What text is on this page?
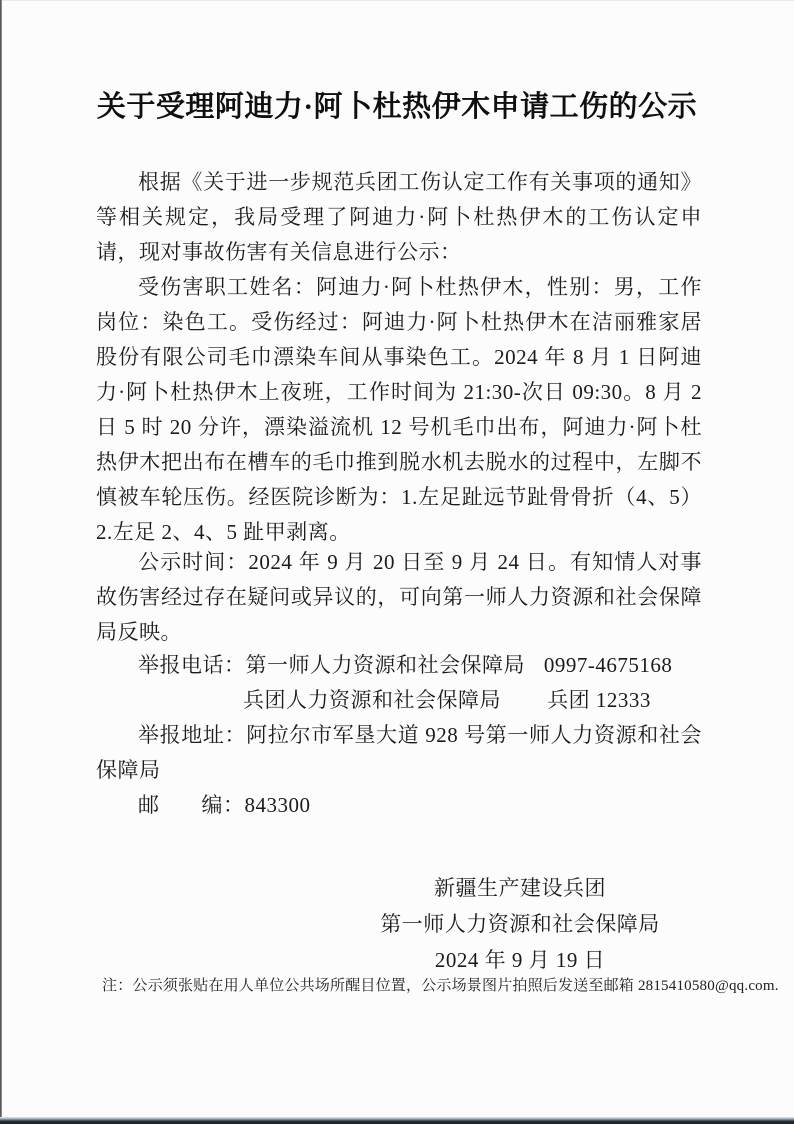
关于受理阿迪力·阿卜杜热伊木申请工伤的公示

根据《关于进一步规范兵团工伤认定工作有关事项的通知》等相关规定，我局受理了阿迪力·阿卜杜热伊木的工伤认定申请，现对事故伤害有关信息进行公示：

受伤害职工姓名：阿迪力·阿卜杜热伊木，性别：男，工作岗位：染色工。受伤经过：阿迪力·阿卜杜热伊木在洁丽雅家居股份有限公司毛巾漂染车间从事染色工。2024 年 8 月 1 日阿迪力·阿卜杜热伊木上夜班，工作时间为 21:30-次日 09:30。8 月 2 日 5 时 20 分许，漂染溢流机 12 号机毛巾出布，阿迪力·阿卜杜热伊木把出布在槽车的毛巾推到脱水机去脱水的过程中，左脚不慎被车轮压伤。经医院诊断为：1.左足趾远节趾骨骨折（4、5）2.左足 2、4、5 趾甲剥离。

公示时间：2024 年 9 月 20 日至 9 月 24 日。有知情人对事故伤害经过存在疑问或异议的，可向第一师人力资源和社会保障局反映。

举报电话：第一师人力资源和社会保障局 0997-4675168
兵团人力资源和社会保障局 兵团 12333

举报地址：阿拉尔市军垦大道 928 号第一师人力资源和社会保障局

邮 编：843300
新疆生产建设兵团
第一师人力资源和社会保障局
2024 年 9 月 19 日
注：公示须张贴在用人单位公共场所醒目位置，公示场景图片拍照后发送至邮箱 2815410580@qq.com.
